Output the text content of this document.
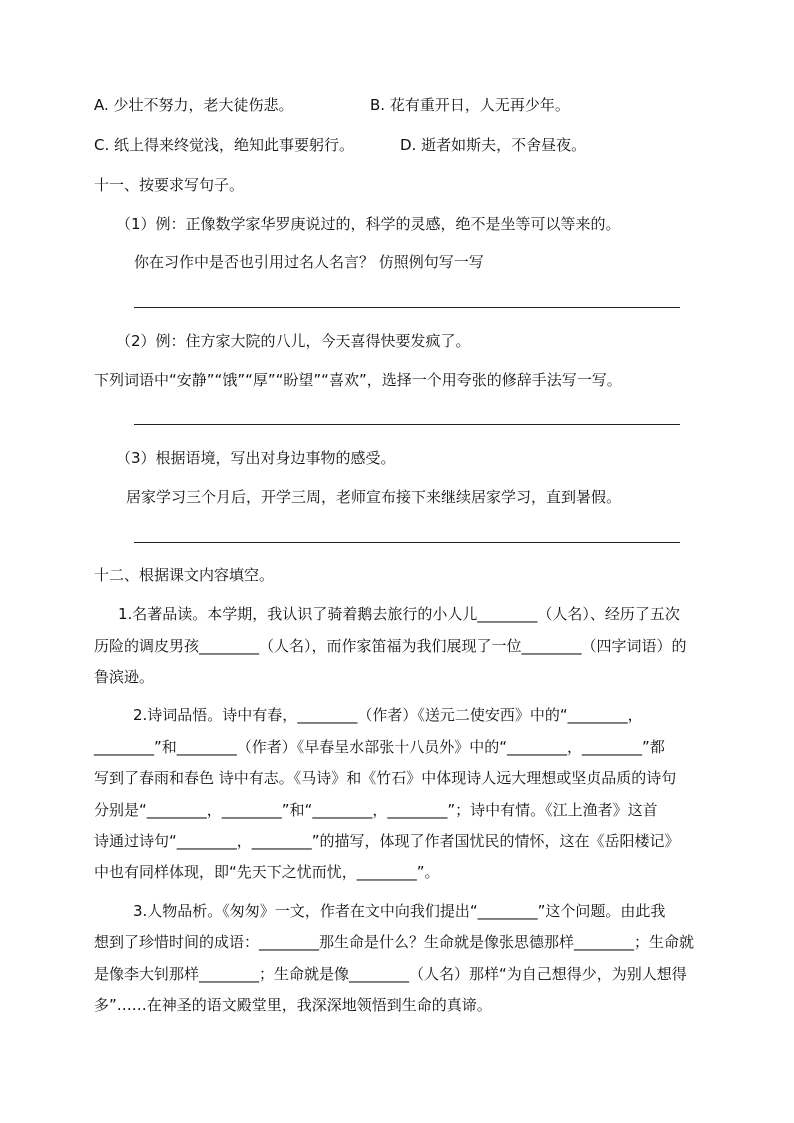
A. 少壮不努力，老大徒伤悲。	B. 花有重开日，人无再少年。
C. 纸上得来终觉浅，绝知此事要躬行。	D. 逝者如斯夫，不舍昼夜。
十一、按要求写句子。
（1）例：正像数学家华罗庚说过的，科学的灵感，绝不是坐等可以等来的。
你在习作中是否也引用过名人名言？ 仿照例句写一写
（2）例：住方家大院的八儿，今天喜得快要发疯了。
下列词语中“安静”“饿”“厚”“盼望”“喜欢”，选择一个用夸张的修辞手法写一写。
（3）根据语境，写出对身边事物的感受。
居家学习三个月后，开学三周，老师宣布接下来继续居家学习，直到暑假。
十二、根据课文内容填空。
1.名著品读。本学期，我认识了骑着鹅去旅行的小人儿________（人名）、经历了五次
历险的调皮男孩________（人名），而作家笛福为我们展现了一位________（四字词语）的
鲁滨逊。
2.诗词品悟。诗中有春，________（作者）《送元二使安西》中的“________，
________”和________（作者）《早春呈水部张十八员外》中的“________，________”都
写到了春雨和春色 诗中有志。《马诗》和《竹石》中体现诗人远大理想或坚贞品质的诗句
分别是“________，________”和“________，________”；诗中有情。《江上渔者》这首
诗通过诗句“________，________”的描写，体现了作者国忧民的情怀，这在《岳阳楼记》
中也有同样体现，即“先天下之忧而忧，________”。
3.人物品析。《匆匆》一文，作者在文中向我们提出“________”这个问题。由此我
想到了珍惜时间的成语：________那生命是什么？生命就是像张思德那样________；生命就
是像李大钊那样________；生命就是像________（人名）那样“为自己想得少，为别人想得
多”……在神圣的语文殿堂里，我深深地领悟到生命的真谛。
